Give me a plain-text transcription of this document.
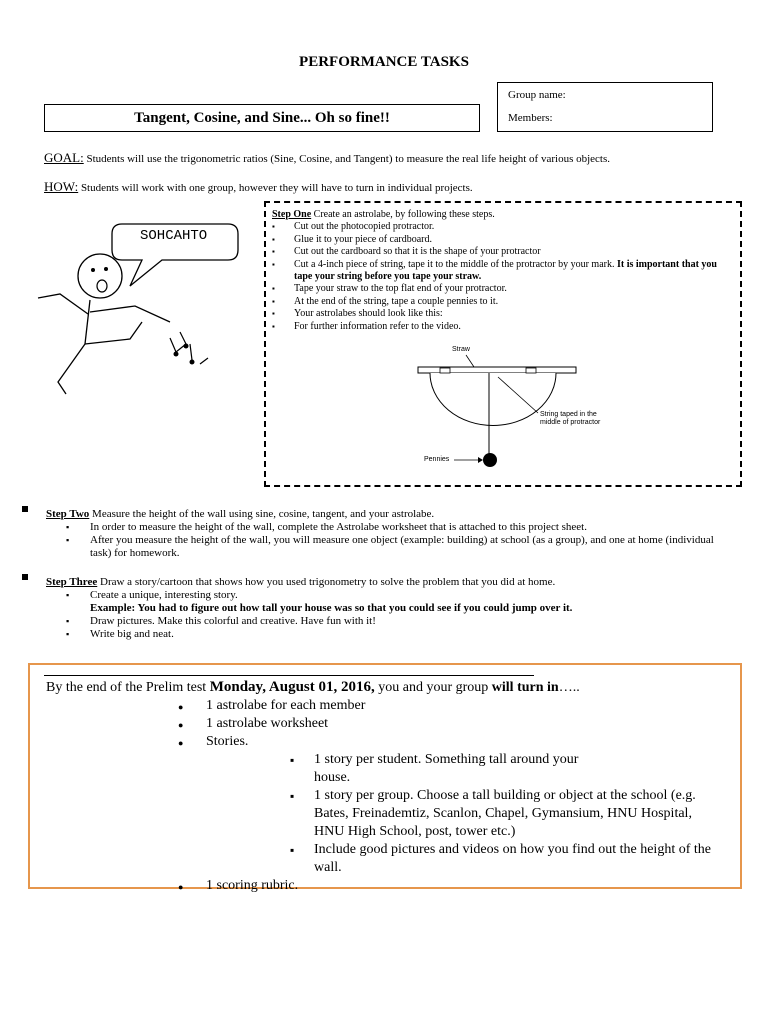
PERFORMANCE TASKS
Tangent, Cosine, and Sine... Oh so fine!!
Group name:
Members:
GOAL: Students will use the trigonometric ratios (Sine, Cosine, and Tangent) to measure the real life height of various objects.
HOW: Students will work with one group, however they will have to turn in individual projects.
SOHCAHTO
Step One Create an astrolabe, by following these steps.
▪ Cut out the photocopied protractor.
▪ Glue it to your piece of cardboard.
▪ Cut out the cardboard so that it is the shape of your protractor
▪ Cut a 4-inch piece of string, tape it to the middle of the protractor by your mark. It is important that you tape your string before you tape your straw.
▪ Tape your straw to the top flat end of your protractor.
▪ At the end of the string, tape a couple pennies to it.
▪ Your astrolabes should look like this:
▪ For further information refer to the video.
Straw
String taped in the
middle of protractor
Pennies
Step Two Measure the height of the wall using sine, cosine, tangent, and your astrolabe.
▪ In order to measure the height of the wall, complete the Astrolabe worksheet that is attached to this project sheet.
▪ After you measure the height of the wall, you will measure one object (example: building) at school (as a group), and one at home (individual task) for homework.
Step Three Draw a story/cartoon that shows how you used trigonometry to solve the problem that you did at home.
▪ Create a unique, interesting story.
Example: You had to figure out how tall your house was so that you could see if you could jump over it.
▪ Draw pictures. Make this colorful and creative. Have fun with it!
▪ Write big and neat.
By the end of the Prelim test Monday, August 01, 2016, you and your group will turn in…..
● 1 astrolabe for each member
● 1 astrolabe worksheet
● Stories.
▪ 1 story per student. Something tall around your house.
▪ 1 story per group. Choose a tall building or object at the school (e.g. Bates, Freinademtiz, Scanlon, Chapel, Gymansium, HNU Hospital, HNU High School, post, tower etc.)
▪ Include good pictures and videos on how you find out the height of the wall.
● 1 scoring rubric.
